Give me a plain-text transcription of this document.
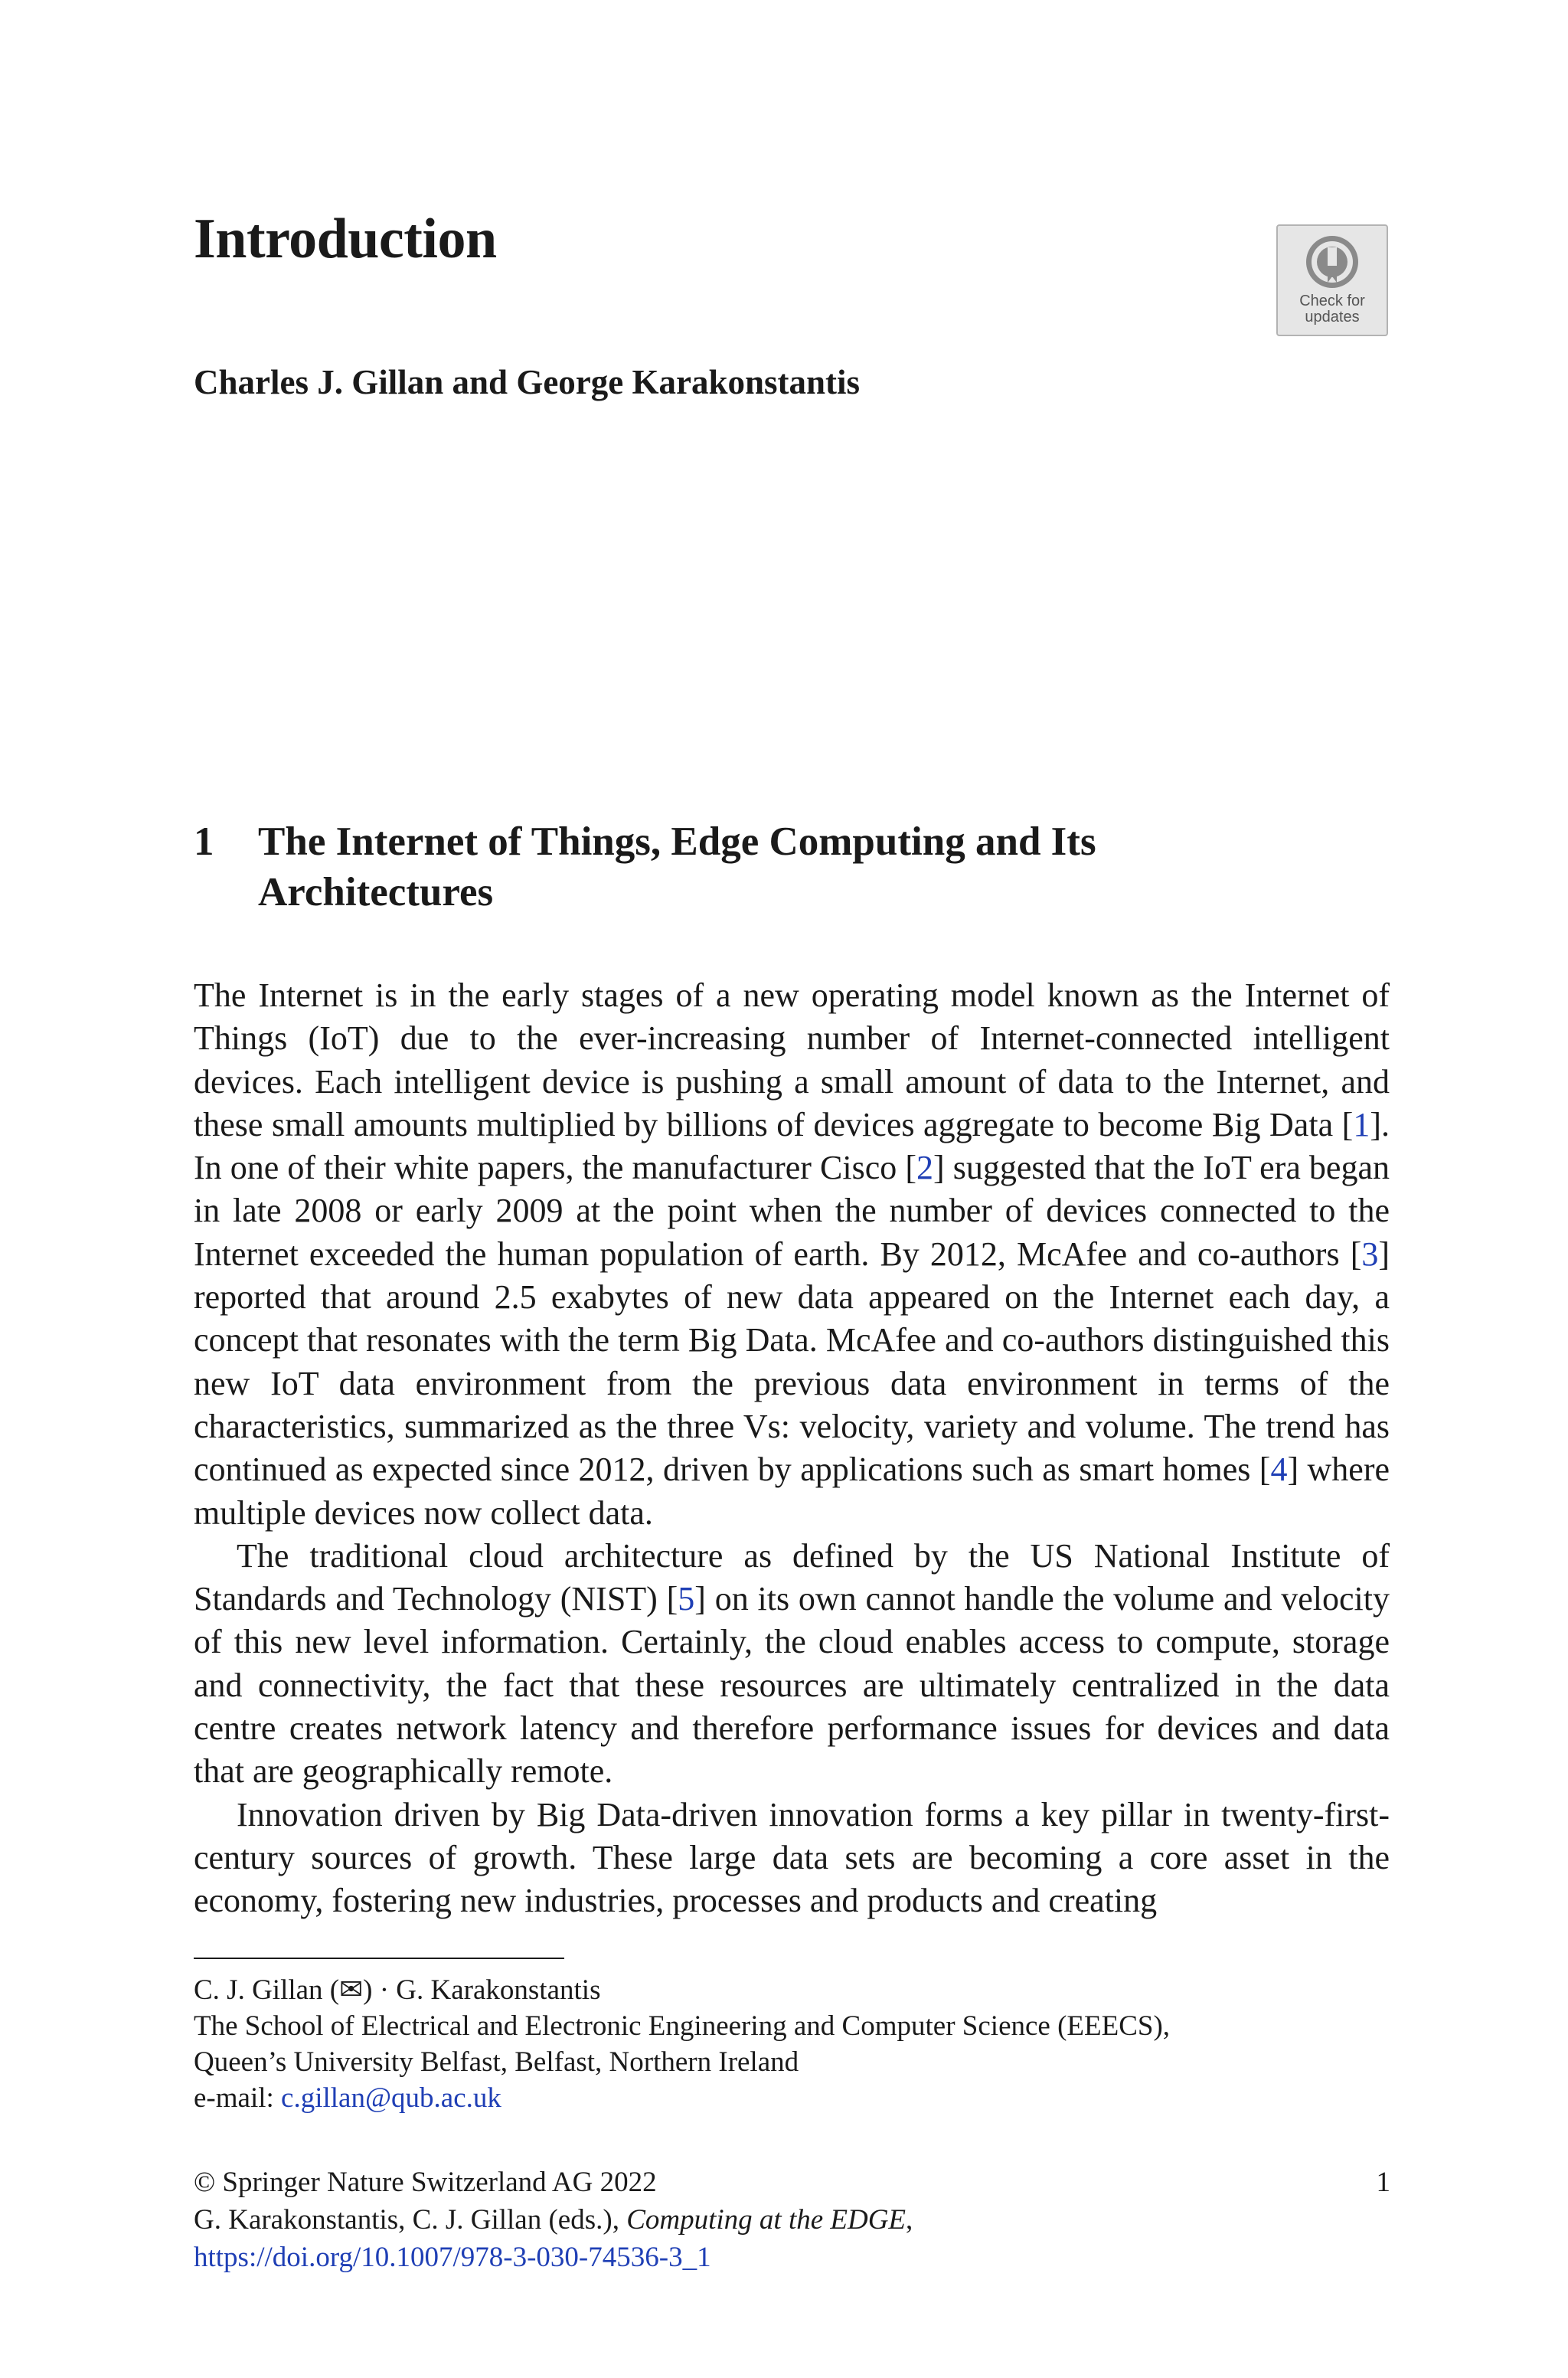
Introduction
Check for
updates
Charles J. Gillan and George Karakonstantis
1 The Internet of Things, Edge Computing and Its Architectures

The Internet is in the early stages of a new operating model known as the Internet of Things (IoT) due to the ever-increasing number of Internet-connected intelligent devices. Each intelligent device is pushing a small amount of data to the Internet, and these small amounts multiplied by billions of devices aggregate to become Big Data [1]. In one of their white papers, the manufacturer Cisco [2] suggested that the IoT era began in late 2008 or early 2009 at the point when the number of devices connected to the Internet exceeded the human population of earth. By 2012, McAfee and co-authors [3] reported that around 2.5 exabytes of new data appeared on the Internet each day, a concept that resonates with the term Big Data. McAfee and co-authors distinguished this new IoT data environment from the previous data environment in terms of the characteristics, summarized as the three Vs: velocity, variety and volume. The trend has continued as expected since 2012, driven by applications such as smart homes [4] where multiple devices now collect data.

The traditional cloud architecture as defined by the US National Institute of Standards and Technology (NIST) [5] on its own cannot handle the volume and velocity of this new level information. Certainly, the cloud enables access to compute, storage and connectivity, the fact that these resources are ultimately centralized in the data centre creates network latency and therefore performance issues for devices and data that are geographically remote.

Innovation driven by Big Data-driven innovation forms a key pillar in twenty-first-century sources of growth. These large data sets are becoming a core asset in the economy, fostering new industries, processes and products and creating

C. J. Gillan (✉) · G. Karakonstantis
The School of Electrical and Electronic Engineering and Computer Science (EEECS),
Queen’s University Belfast, Belfast, Northern Ireland
e-mail: c.gillan@qub.ac.uk
© Springer Nature Switzerland AG 2022
G. Karakonstantis, C. J. Gillan (eds.), Computing at the EDGE,
https://doi.org/10.1007/978-3-030-74536-3_1
1
